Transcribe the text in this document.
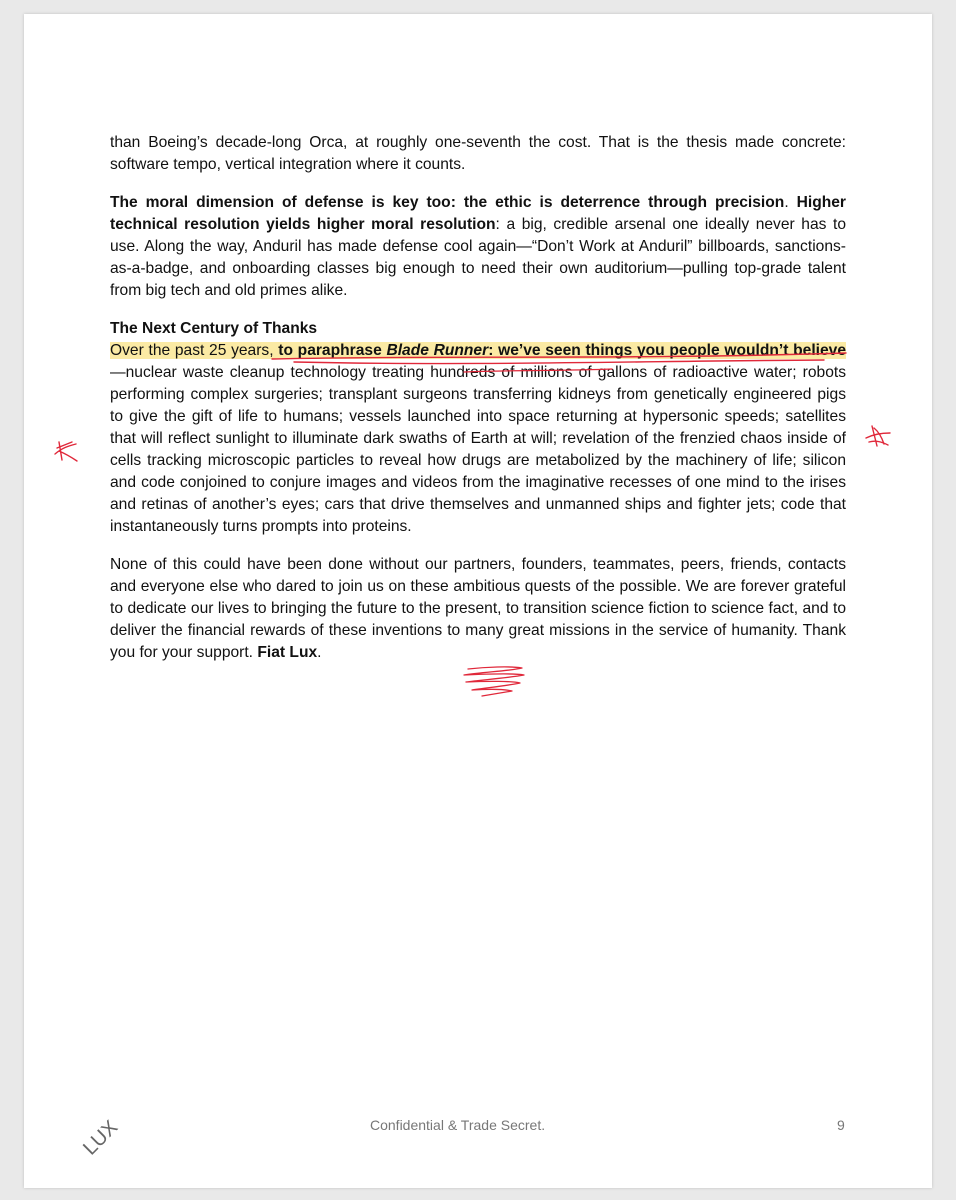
than Boeing’s decade-long Orca, at roughly one-seventh the cost. That is the thesis made concrete: software tempo, vertical integration where it counts.

The moral dimension of defense is key too: the ethic is deterrence through precision. Higher technical resolution yields higher moral resolution: a big, credible arsenal one ideally never has to use. Along the way, Anduril has made defense cool again—“Don’t Work at Anduril” billboards, sanctions-as-a-badge, and onboarding classes big enough to need their own auditorium—pulling top-grade talent from big tech and old primes alike.

The Next Century of Thanks

Over the past 25 years, to paraphrase Blade Runner: we’ve seen things you people wouldn’t believe—nuclear waste cleanup technology treating hundreds of millions of gallons of radioactive water; robots performing complex surgeries; transplant surgeons transferring kidneys from genetically engineered pigs to give the gift of life to humans; vessels launched into space returning at hypersonic speeds; satellites that will reflect sunlight to illuminate dark swaths of Earth at will; revelation of the frenzied chaos inside of cells tracking microscopic particles to reveal how drugs are metabolized by the machinery of life; silicon and code conjoined to conjure images and videos from the imaginative recesses of one mind to the irises and retinas of another’s eyes; cars that drive themselves and unmanned ships and fighter jets; code that instantaneously turns prompts into proteins.

None of this could have been done without our partners, founders, teammates, peers, friends, contacts and everyone else who dared to join us on these ambitious quests of the possible. We are forever grateful to dedicate our lives to bringing the future to the present, to transition science fiction to science fact, and to deliver the financial rewards of these inventions to many great missions in the service of humanity. Thank you for your support. Fiat Lux.

LUX	Confidential & Trade Secret.	9
